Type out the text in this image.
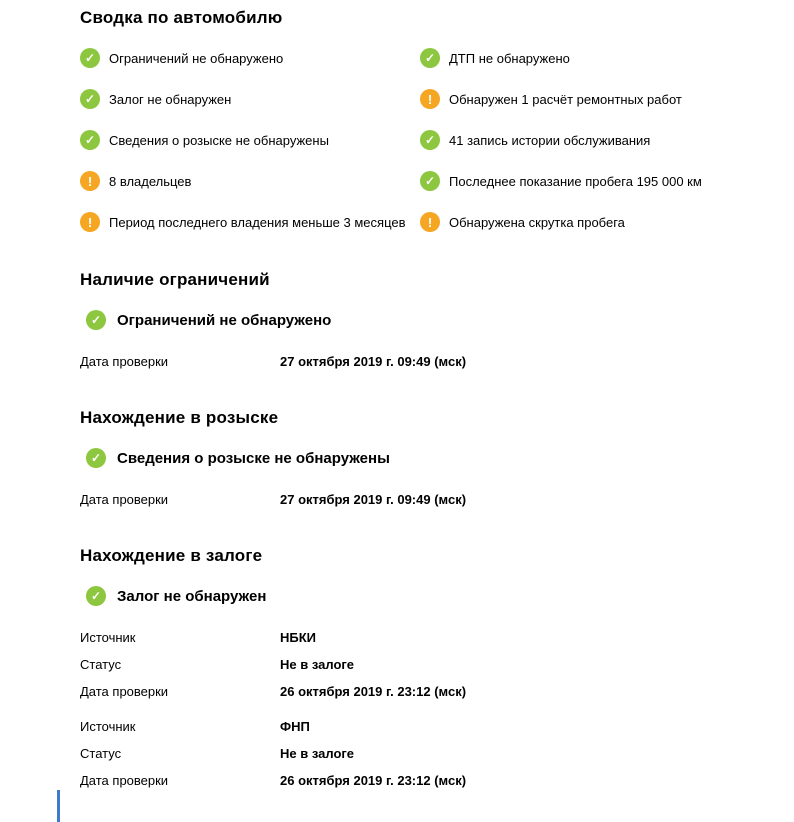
Сводка по автомобилю
✓
Ограничений не обнаружено
✓
Залог не обнаружен
✓
Сведения о розыске не обнаружены
!
8 владельцев
!
Период последнего владения меньше 3 месяцев
✓
ДТП не обнаружено
!
Обнаружен 1 расчёт ремонтных работ
✓
41 запись истории обслуживания
✓
Последнее показание пробега 195 000 км
!
Обнаружена скрутка пробега
Наличие ограничений
✓
Ограничений не обнаружено
Дата проверки	27 октября 2019 г. 09:49 (мск)
Нахождение в розыске
✓
Сведения о розыске не обнаружены
Дата проверки	27 октября 2019 г. 09:49 (мск)
Нахождение в залоге
✓
Залог не обнаружен
Источник	НБКИ
Статус	Не в залоге
Дата проверки	26 октября 2019 г. 23:12 (мск)
Источник	ФНП
Статус	Не в залоге
Дата проверки	26 октября 2019 г. 23:12 (мск)
